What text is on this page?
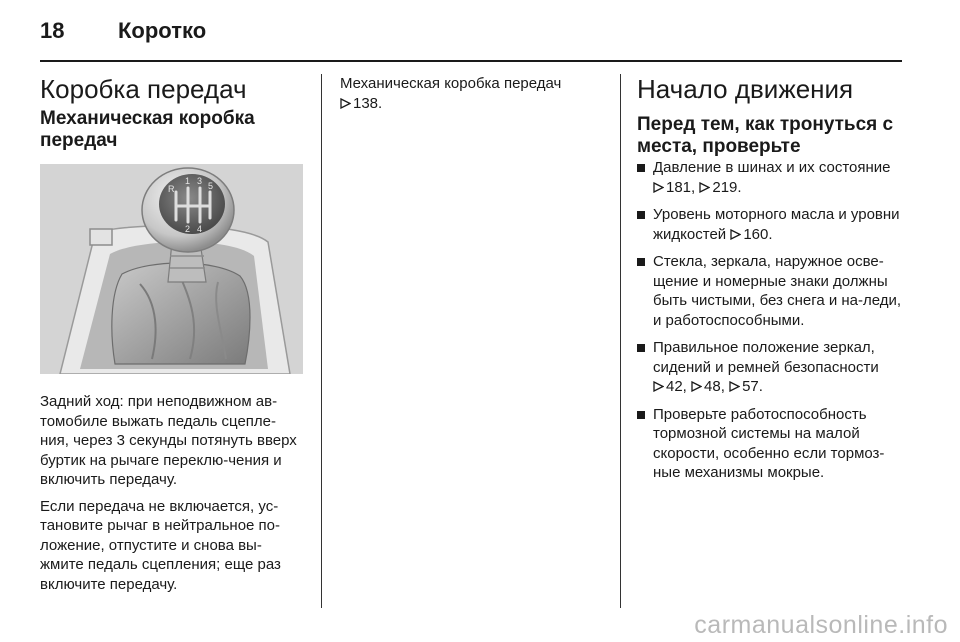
18 Коротко
Коробка передач
Механическая коробка передач
R
1 3 5
2 4

Задний ход: при неподвижном ав-томобиле выжать педаль сцепле-ния, через 3 секунды потянуть вверх буртик на рычаге переклю-чения и включить передачу.

Если передача не включается, ус-тановите рычаг в нейтральное по-ложение, отпустите и снова вы-жмите педаль сцепления; еще раз включите передачу.

Механическая коробка передач
138.	Начало движения
Перед тем, как тронуться с места, проверьте
Давление в шинах и их состояние 181, 219.
Уровень моторного масла и уровни жидкостей 160.
Стекла, зеркала, наружное осве-щение и номерные знаки должны быть чистыми, без снега и на-леди, и работоспособными.
Правильное положение зеркал, сидений и ремней безопасности 42, 48, 57.
Проверьте работоспособность тормозной системы на малой скорости, особенно если тормоз-ные механизмы мокрые.
carmanualsonline.info
